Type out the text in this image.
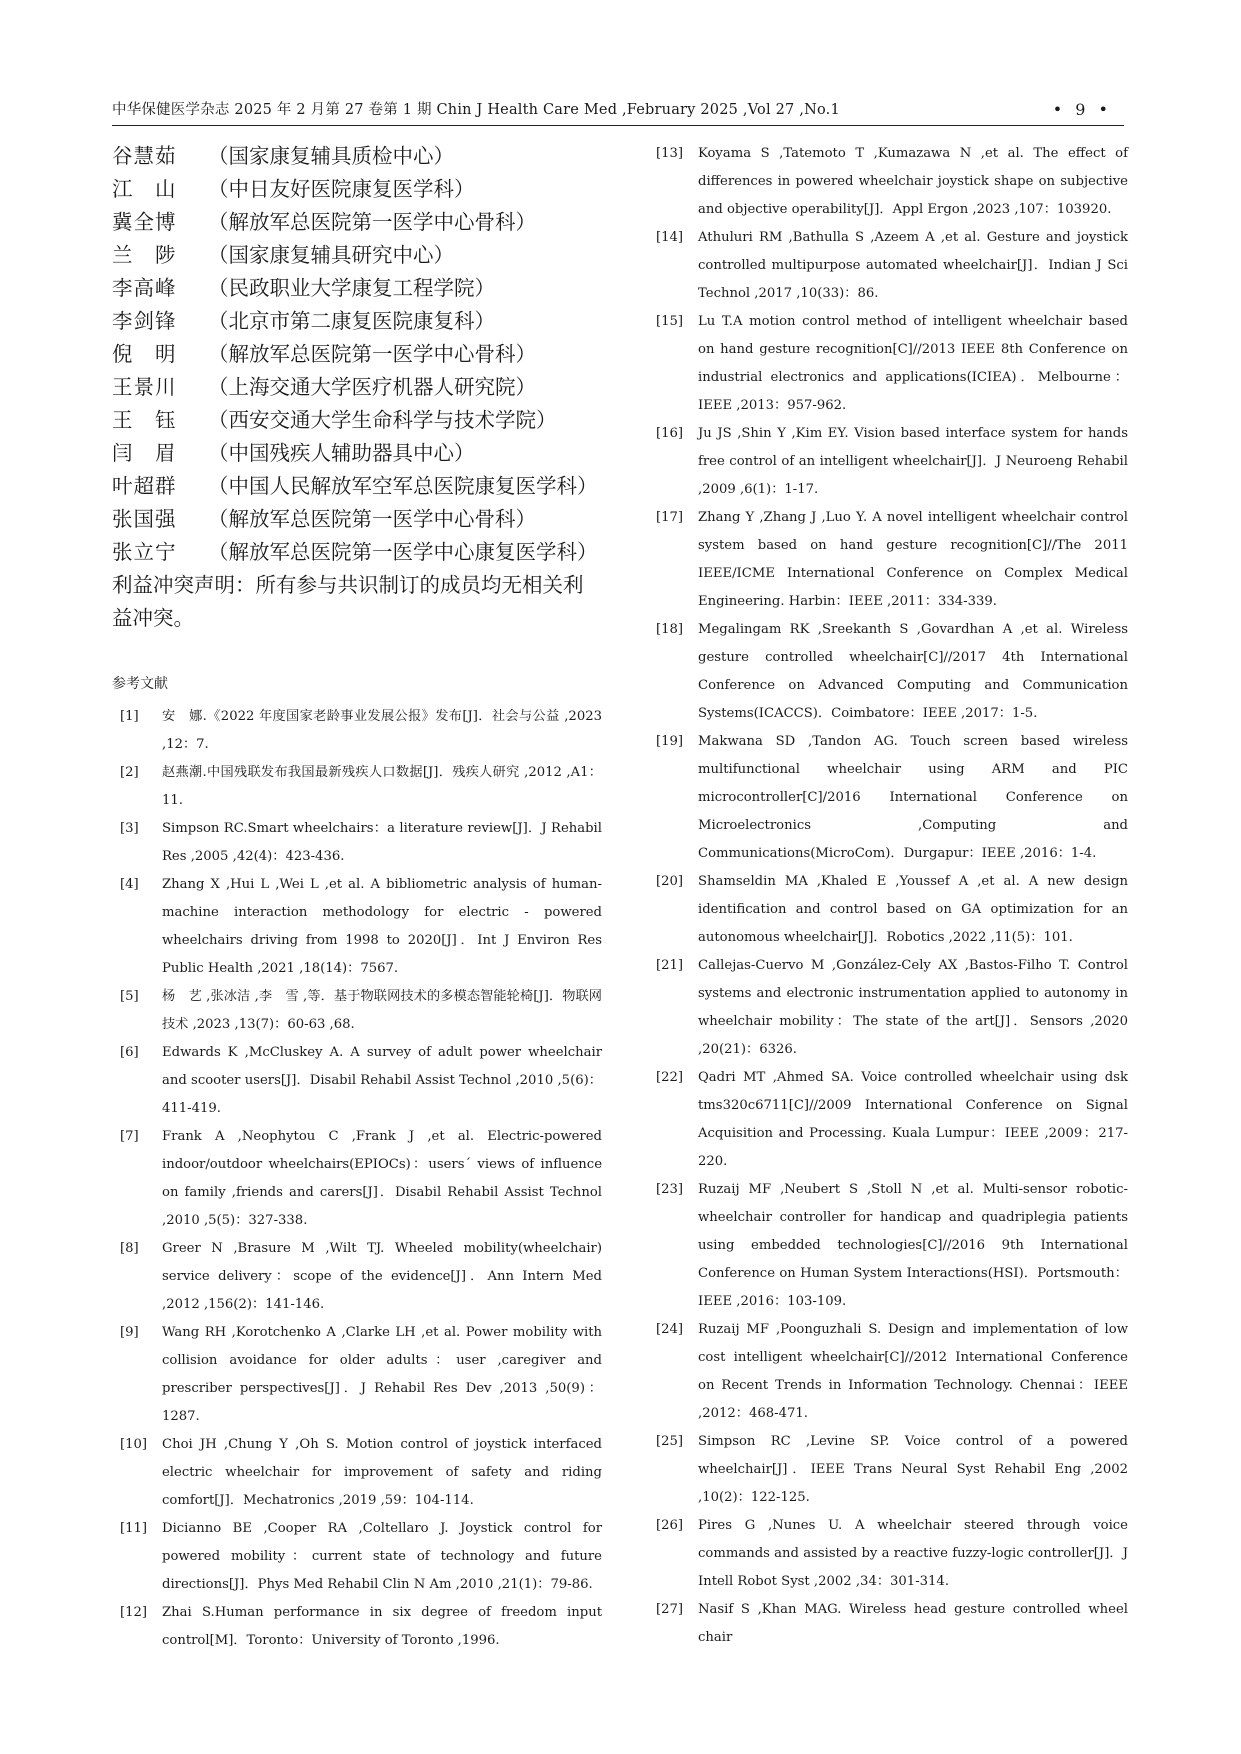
中华保健医学杂志 2025 年 2 月第 27 卷第 1 期 Chin J Health Care Med ,February 2025 ,Vol 27 ,No.1	• 9 •
谷慧茹	（国家康复辅具质检中心）
江　山	（中日友好医院康复医学科）
冀全博	（解放军总医院第一医学中心骨科）
兰　陟	（国家康复辅具研究中心）
李高峰	（民政职业大学康复工程学院）
李剑锋	（北京市第二康复医院康复科）
倪　明	（解放军总医院第一医学中心骨科）
王景川	（上海交通大学医疗机器人研究院）
王　钰	（西安交通大学生命科学与技术学院）
闫　眉	（中国残疾人辅助器具中心）
叶超群	（中国人民解放军空军总医院康复医学科）
张国强	（解放军总医院第一医学中心骨科）
张立宁	（解放军总医院第一医学中心康复医学科）

利益冲突声明：所有参与共识制订的成员均无相关利益冲突。

参考文献
[1]	安　娜.《2022 年度国家老龄事业发展公报》发布[J]．社会与公益 ,2023 ,12：7.
[2]	赵燕潮.中国残联发布我国最新残疾人口数据[J]．残疾人研究 ,2012 ,A1：11.
[3]	Simpson RC.Smart wheelchairs：a literature review[J]．J Rehabil Res ,2005 ,42(4)：423-436.
[4]	Zhang X ,Hui L ,Wei L ,et al. A bibliometric analysis of human-machine interaction methodology for electric - powered wheelchairs driving from 1998 to 2020[J]．Int J Environ Res Public Health ,2021 ,18(14)：7567.
[5]	杨　艺 ,张冰洁 ,李　雪 ,等．基于物联网技术的多模态智能轮椅[J]．物联网技术 ,2023 ,13(7)：60-63 ,68.
[6]	Edwards K ,McCluskey A. A survey of adult power wheelchair and scooter users[J]．Disabil Rehabil Assist Technol ,2010 ,5(6)：411-419.
[7]	Frank A ,Neophytou C ,Frank J ,et al. Electric-powered indoor/outdoor wheelchairs(EPIOCs)：users´ views of influence on family ,friends and carers[J]．Disabil Rehabil Assist Technol ,2010 ,5(5)：327-338.
[8]	Greer N ,Brasure M ,Wilt TJ. Wheeled mobility(wheelchair) service delivery：scope of the evidence[J]．Ann Intern Med ,2012 ,156(2)：141-146.
[9]	Wang RH ,Korotchenko A ,Clarke LH ,et al. Power mobility with collision avoidance for older adults：user ,caregiver and prescriber perspectives[J]．J Rehabil Res Dev ,2013 ,50(9)：1287.
[10]	Choi JH ,Chung Y ,Oh S. Motion control of joystick interfaced electric wheelchair for improvement of safety and riding comfort[J]．Mechatronics ,2019 ,59：104-114.
[11]	Dicianno BE ,Cooper RA ,Coltellaro J. Joystick control for powered mobility：current state of technology and future directions[J]．Phys Med Rehabil Clin N Am ,2010 ,21(1)：79-86.
[12]	Zhai S.Human performance in six degree of freedom input control[M]．Toronto：University of Toronto ,1996.
[13]	Koyama S ,Tatemoto T ,Kumazawa N ,et al. The effect of differences in powered wheelchair joystick shape on subjective and objective operability[J]．Appl Ergon ,2023 ,107：103920.
[14]	Athuluri RM ,Bathulla S ,Azeem A ,et al. Gesture and joystick controlled multipurpose automated wheelchair[J]．Indian J Sci Technol ,2017 ,10(33)：86.
[15]	Lu T.A motion control method of intelligent wheelchair based on hand gesture recognition[C]//2013 IEEE 8th Conference on industrial electronics and applications(ICIEA)．Melbourne：IEEE ,2013：957-962.
[16]	Ju JS ,Shin Y ,Kim EY. Vision based interface system for hands free control of an intelligent wheelchair[J]．J Neuroeng Rehabil ,2009 ,6(1)：1-17.
[17]	Zhang Y ,Zhang J ,Luo Y. A novel intelligent wheelchair control system based on hand gesture recognition[C]//The 2011 IEEE/ICME International Conference on Complex Medical Engineering. Harbin：IEEE ,2011：334-339.
[18]	Megalingam RK ,Sreekanth S ,Govardhan A ,et al. Wireless gesture controlled wheelchair[C]//2017 4th International Conference on Advanced Computing and Communication Systems(ICACCS)．Coimbatore：IEEE ,2017：1-5.
[19]	Makwana SD ,Tandon AG. Touch screen based wireless multifunctional wheelchair using ARM and PIC microcontroller[C]/2016 International Conference on Microelectronics ,Computing and Communications(MicroCom)．Durgapur：IEEE ,2016：1-4.
[20]	Shamseldin MA ,Khaled E ,Youssef A ,et al. A new design identification and control based on GA optimization for an autonomous wheelchair[J]．Robotics ,2022 ,11(5)：101.
[21]	Callejas-Cuervo M ,González-Cely AX ,Bastos-Filho T. Control systems and electronic instrumentation applied to autonomy in wheelchair mobility：The state of the art[J]．Sensors ,2020 ,20(21)：6326.
[22]	Qadri MT ,Ahmed SA. Voice controlled wheelchair using dsk tms320c6711[C]//2009 International Conference on Signal Acquisition and Processing. Kuala Lumpur：IEEE ,2009：217-220.
[23]	Ruzaij MF ,Neubert S ,Stoll N ,et al. Multi-sensor robotic-wheelchair controller for handicap and quadriplegia patients using embedded technologies[C]//2016 9th International Conference on Human System Interactions(HSI)．Portsmouth：IEEE ,2016：103-109.
[24]	Ruzaij MF ,Poonguzhali S. Design and implementation of low cost intelligent wheelchair[C]//2012 International Conference on Recent Trends in Information Technology. Chennai：IEEE ,2012：468-471.
[25]	Simpson RC ,Levine SP. Voice control of a powered wheelchair[J]．IEEE Trans Neural Syst Rehabil Eng ,2002 ,10(2)：122-125.
[26]	Pires G ,Nunes U. A wheelchair steered through voice commands and assisted by a reactive fuzzy-logic controller[J]．J Intell Robot Syst ,2002 ,34：301-314.
[27]	Nasif S ,Khan MAG. Wireless head gesture controlled wheel chair
